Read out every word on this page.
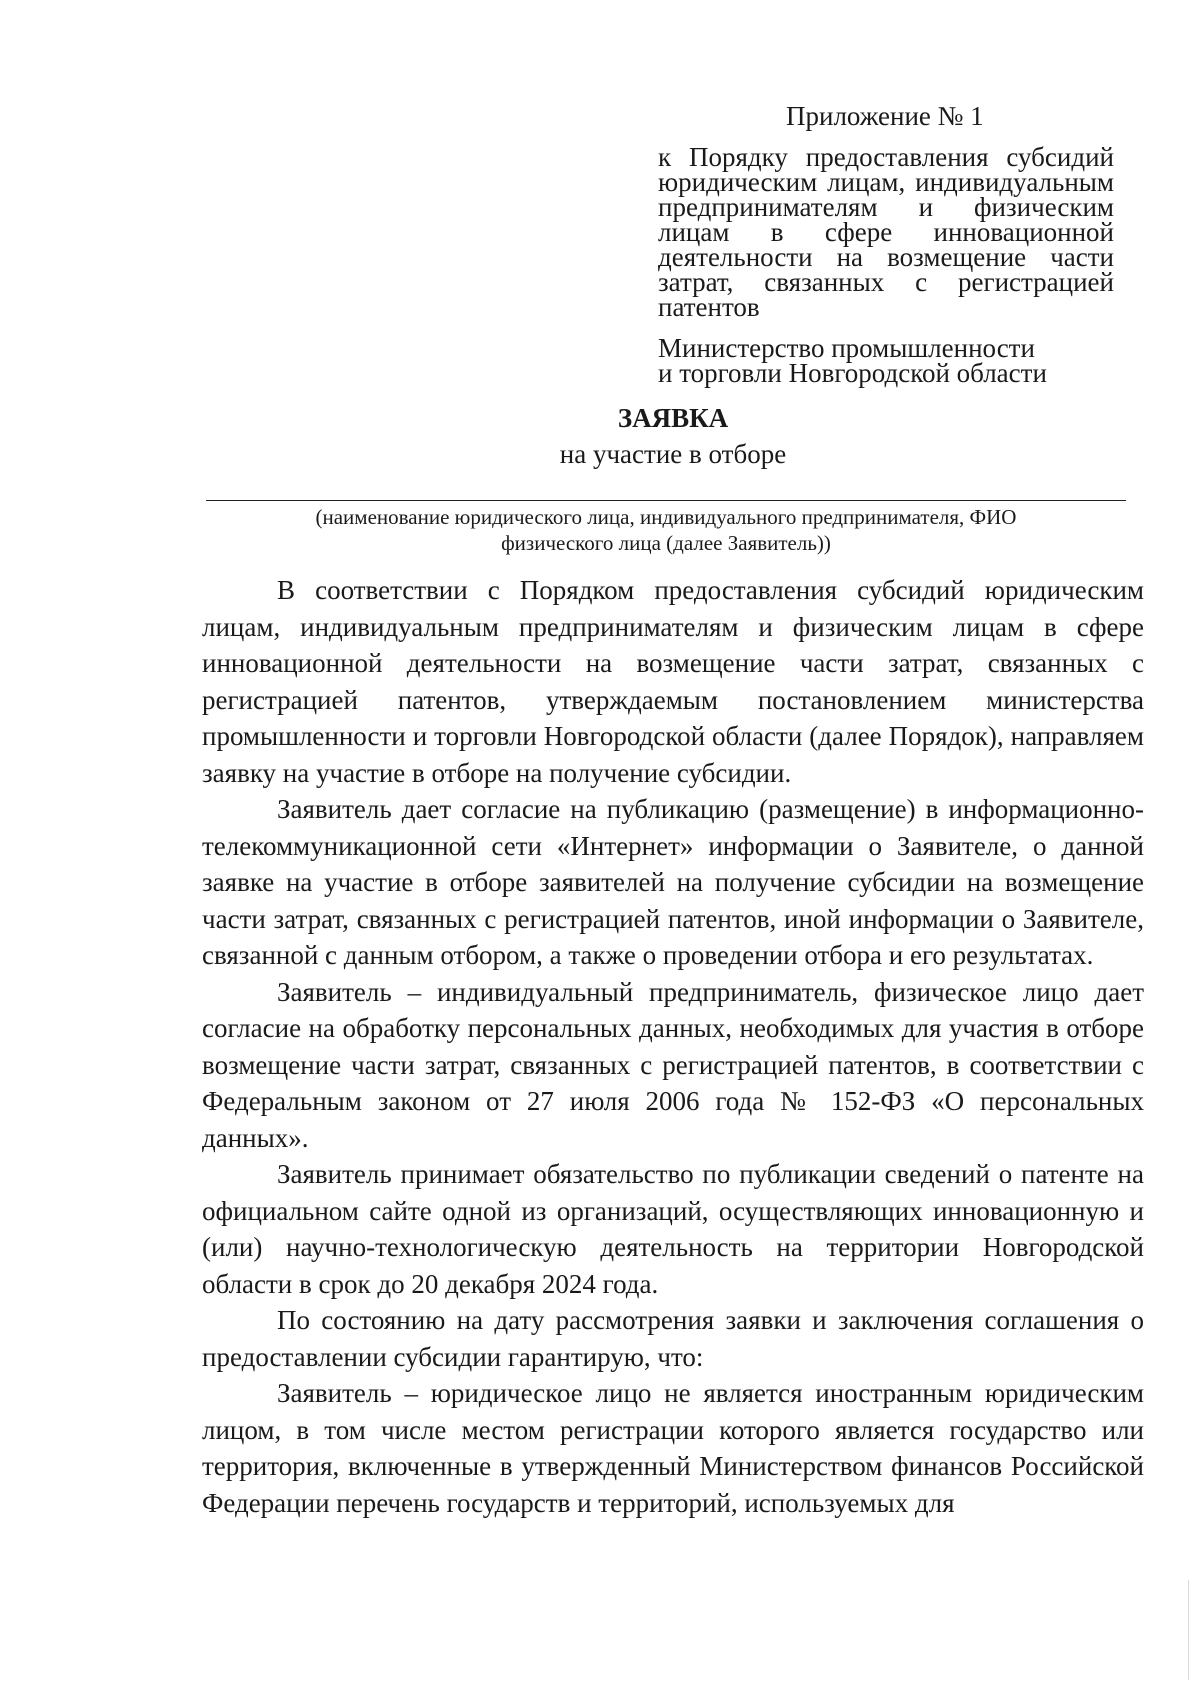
Приложение № 1
к Порядку предоставления субсидий юридическим лицам, индивидуальным предпринимателям и физическим лицам в сфере инновационной деятельности на возмещение части затрат, связанных с регистрацией патентов
Министерство промышленности
и торговли Новгородской области
ЗАЯВКА
на участие в отборе
(наименование юридического лица, индивидуального предпринимателя, ФИО
физического лица (далее Заявитель))

В соответствии с Порядком предоставления субсидий юридическим лицам, индивидуальным предпринимателям и физическим лицам в сфере инновационной деятельности на возмещение части затрат, связанных с регистрацией патентов, утверждаемым постановлением министерства промышленности и торговли Новгородской области (далее Порядок), направляем заявку на участие в отборе на получение субсидии.

Заявитель дает согласие на публикацию (размещение) в информационно-телекоммуникационной сети «Интернет» информации о Заявителе, о данной заявке на участие в отборе заявителей на получение субсидии на возмещение части затрат, связанных с регистрацией патентов, иной информации о Заявителе, связанной с данным отбором, а также о проведении отбора и его результатах.

Заявитель – индивидуальный предприниматель, физическое лицо дает согласие на обработку персональных данных, необходимых для участия в отборе возмещение части затрат, связанных с регистрацией патентов, в соответствии с Федеральным законом от 27 июля 2006 года № 152-ФЗ «О персональных данных».

Заявитель принимает обязательство по публикации сведений о патенте на официальном сайте одной из организаций, осуществляющих инновационную и (или) научно-технологическую деятельность на территории Новгородской области в срок до 20 декабря 2024 года.

По состоянию на дату рассмотрения заявки и заключения соглашения о предоставлении субсидии гарантирую, что:

Заявитель – юридическое лицо не является иностранным юридическим лицом, в том числе местом регистрации которого является государство или территория, включенные в утвержденный Министерством финансов Российской Федерации перечень государств и территорий, используемых для
